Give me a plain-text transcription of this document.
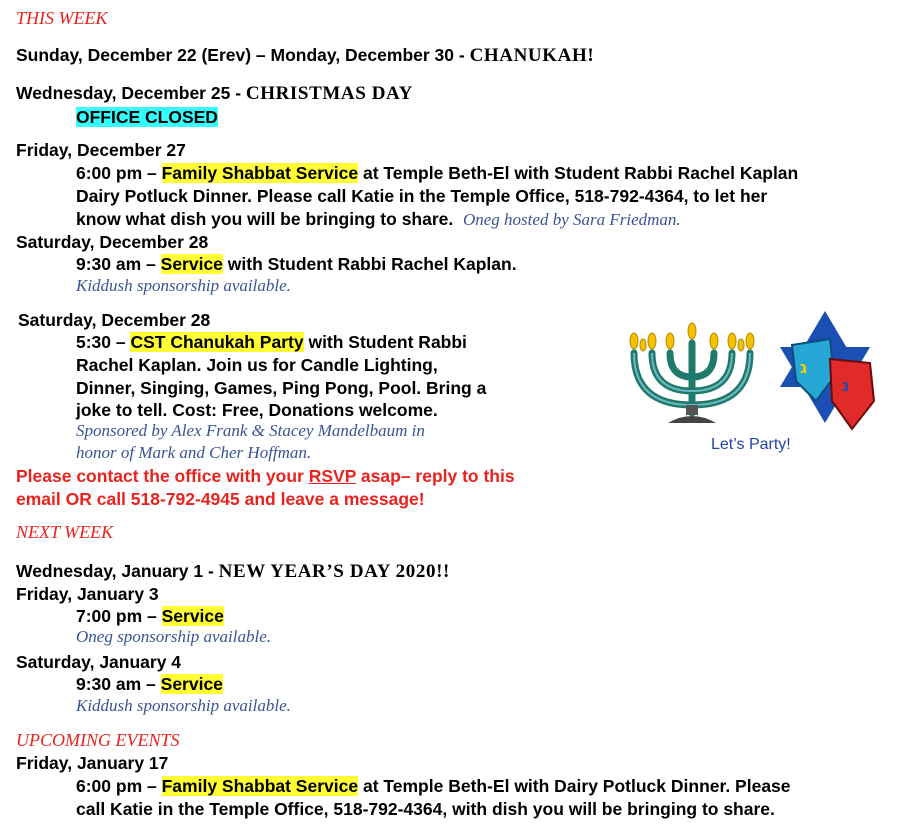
THIS WEEK
Sunday, December 22 (Erev) – Monday, December 30 - CHANUKAH!
Wednesday, December 25 - CHRISTMAS DAY
OFFICE CLOSED
Friday, December 27
6:00 pm – Family Shabbat Service at Temple Beth-El with Student Rabbi Rachel Kaplan
Dairy Potluck Dinner. Please call Katie in the Temple Office, 518-792-4364, to let her
know what dish you will be bringing to share. Oneg hosted by Sara Friedman.
Saturday, December 28
9:30 am – Service with Student Rabbi Rachel Kaplan.
Kiddush sponsorship available.
Saturday, December 28
5:30 – CST Chanukah Party with Student Rabbi
Rachel Kaplan. Join us for Candle Lighting,
Dinner, Singing, Games, Ping Pong, Pool. Bring a
joke to tell. Cost: Free, Donations welcome.
Sponsored by Alex Frank & Stacey Mandelbaum in
honor of Mark and Cher Hoffman.
Please contact the office with your RSVP asap– reply to this
email OR call 518-792-4945 and leave a message!
ג
נ
Let’s Party!
NEXT WEEK
Wednesday, January 1 - NEW YEAR’S DAY 2020!!
Friday, January 3
7:00 pm – Service
Oneg sponsorship available.
Saturday, January 4
9:30 am – Service
Kiddush sponsorship available.
UPCOMING EVENTS
Friday, January 17
6:00 pm – Family Shabbat Service at Temple Beth-El with Dairy Potluck Dinner. Please
call Katie in the Temple Office, 518-792-4364, with dish you will be bringing to share.
